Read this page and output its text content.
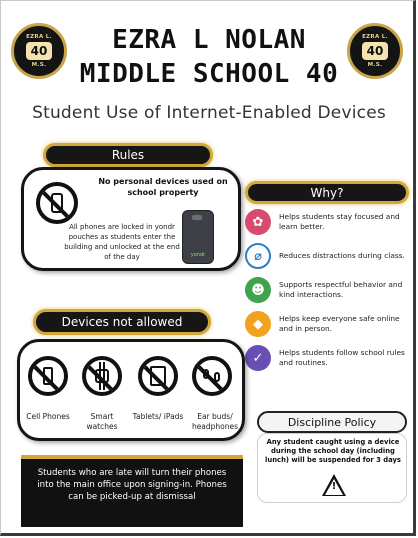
EZRA L.
40
M.S.
EZRA L.
40
M.S.
EZRA L NOLAN
MIDDLE SCHOOL 40
Student Use of Internet-Enabled Devices
Rules
No personal devices used on school property
All phones are locked in yondr pouches as students enter the building and unlocked at the end of the day	yondr
Why?
✿	Helps students stay focused and learn better.
⌀	Reduces distractions during class.
☻	Supports respectful behavior and kind interactions.
◆	Helps keep everyone safe online and in person.
✓	Helps students follow school rules and routines.
Devices not allowed
Cell Phones	Smart watches
Tablets/ iPads	Ear buds/ headphones
Students who are late will turn their phones into the main office upon signing-in. Phones can be picked-up at dismissal
Discipline Policy
Any student caught using a device during the school day (including lunch) will be suspended for 3 days
!
